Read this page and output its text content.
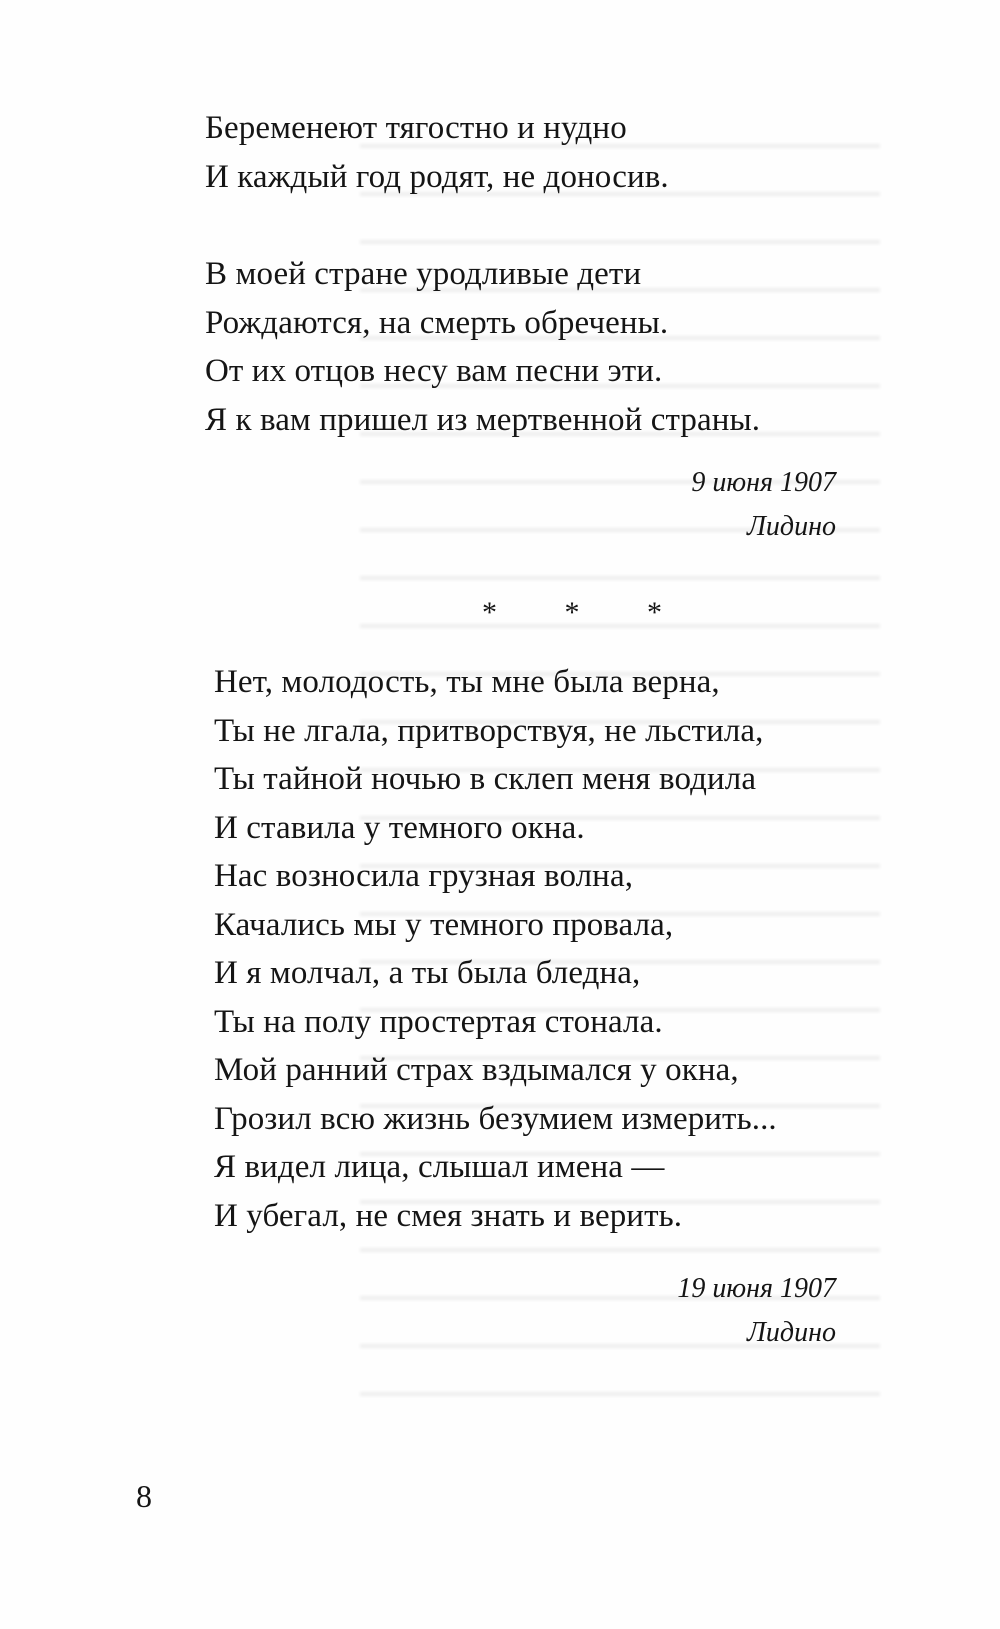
Беременеют тягостно и нудно
И каждый год родят, не доносив.
В моей стране уродливые дети
Рождаются, на смерть обречены.
От их отцов несу вам песни эти.
Я к вам пришел из мертвенной страны.
9 июня 1907
Лидино
* * *
Нет, молодость, ты мне была верна,
Ты не лгала, притворствуя, не льстила,
Ты тайной ночью в склеп меня водила
И ставила у темного окна.
Нас возносила грузная волна,
Качались мы у темного провала,
И я молчал, а ты была бледна,
Ты на полу простертая стонала.
Мой ранний страх вздымался у окна,
Грозил всю жизнь безумием измерить...
Я видел лица, слышал имена —
И убегал, не смея знать и верить.
19 июня 1907
Лидино
8
